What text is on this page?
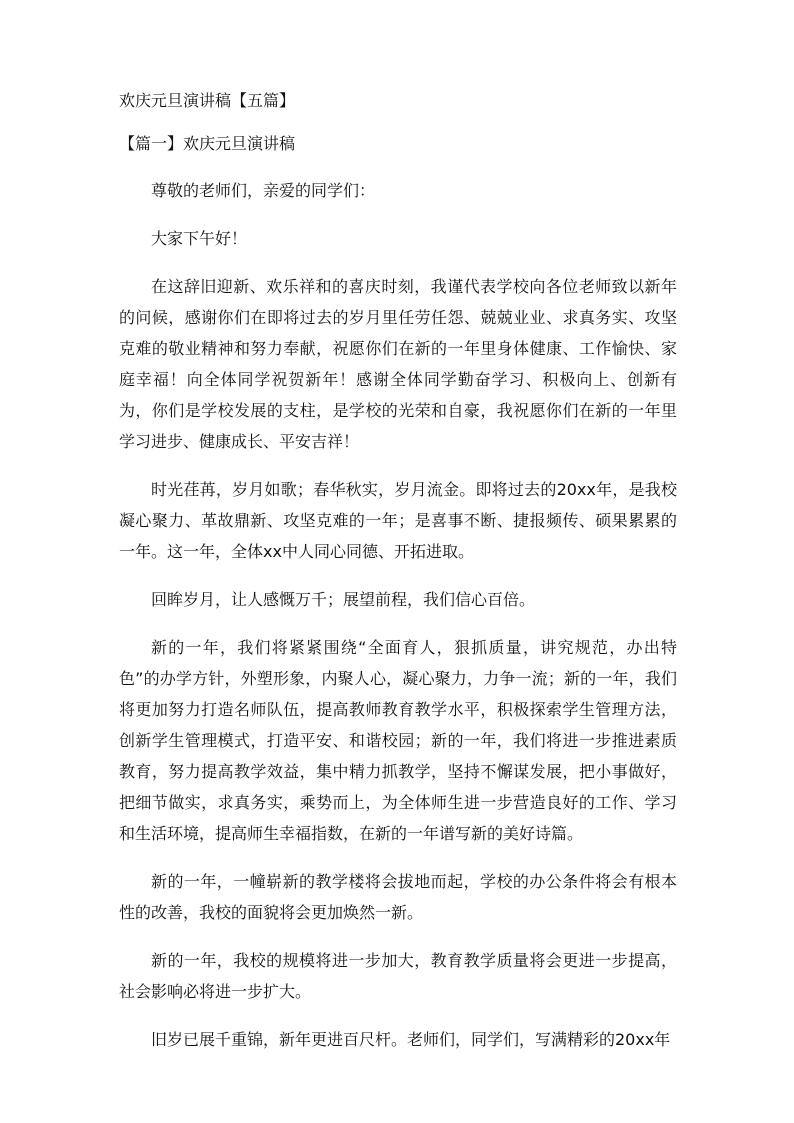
欢庆元旦演讲稿【五篇】
【篇一】欢庆元旦演讲稿

尊敬的老师们，亲爱的同学们：

大家下午好！

在这辞旧迎新、欢乐祥和的喜庆时刻，我谨代表学校向各位老师致以新年的问候，感谢你们在即将过去的岁月里任劳任怨、兢兢业业、求真务实、攻坚克难的敬业精神和努力奉献，祝愿你们在新的一年里身体健康、工作愉快、家庭幸福！向全体同学祝贺新年！感谢全体同学勤奋学习、积极向上、创新有为，你们是学校发展的支柱，是学校的光荣和自豪，我祝愿你们在新的一年里学习进步、健康成长、平安吉祥！

时光荏苒，岁月如歌；春华秋实，岁月流金。即将过去的20xx年，是我校凝心聚力、革故鼎新、攻坚克难的一年；是喜事不断、捷报频传、硕果累累的一年。这一年，全体xx中人同心同德、开拓进取。

回眸岁月，让人感慨万千；展望前程，我们信心百倍。

新的一年，我们将紧紧围绕“全面育人，狠抓质量，讲究规范，办出特色”的办学方针，外塑形象，内聚人心，凝心聚力，力争一流；新的一年，我们将更加努力打造名师队伍，提高教师教育教学水平，积极探索学生管理方法，创新学生管理模式，打造平安、和谐校园；新的一年，我们将进一步推进素质教育，努力提高教学效益，集中精力抓教学，坚持不懈谋发展，把小事做好，把细节做实，求真务实，乘势而上，为全体师生进一步营造良好的工作、学习和生活环境，提高师生幸福指数，在新的一年谱写新的美好诗篇。

新的一年，一幢崭新的教学楼将会拔地而起，学校的办公条件将会有根本性的改善，我校的面貌将会更加焕然一新。

新的一年，我校的规模将进一步加大，教育教学质量将会更进一步提高，社会影响必将进一步扩大。

旧岁已展千重锦，新年更进百尺杆。老师们，同学们，写满精彩的20xx年
